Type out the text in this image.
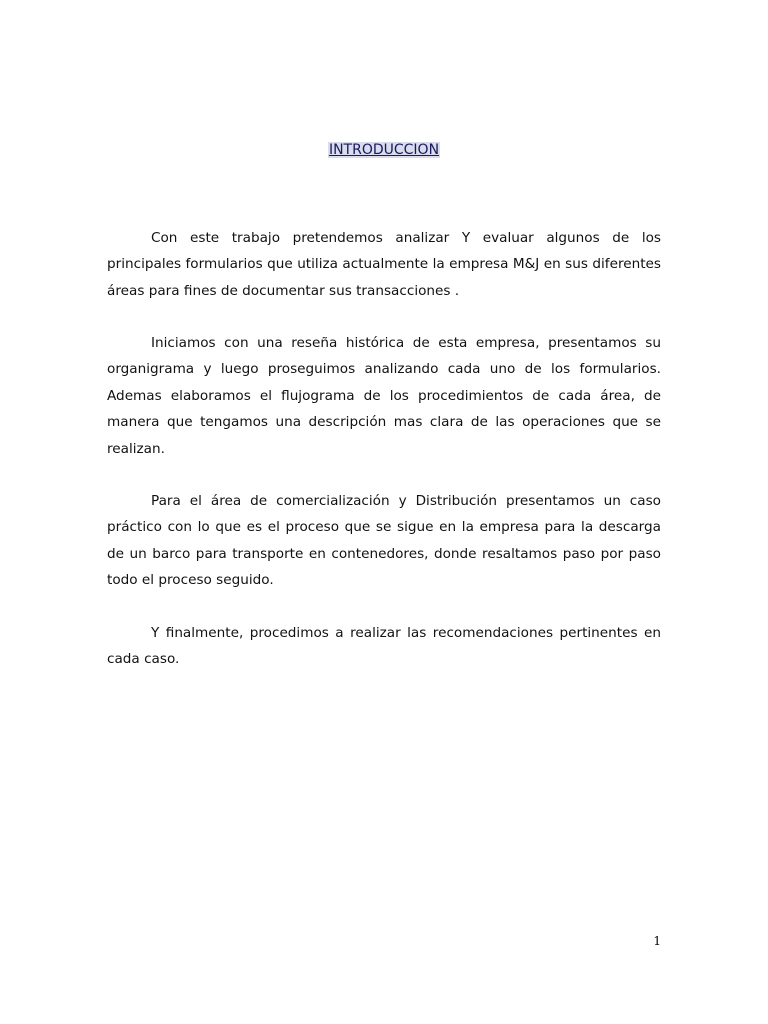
INTRODUCCION

Con este trabajo pretendemos analizar Y evaluar algunos de los principales formularios que utiliza actualmente la empresa M&J en sus diferentes áreas para fines de documentar sus transacciones .

Iniciamos con una reseña histórica de esta empresa, presentamos su organigrama y luego proseguimos analizando cada uno de los formularios. Ademas elaboramos el flujograma de los procedimientos de cada área, de manera que tengamos una descripción mas clara de las operaciones que se realizan.

Para el área de comercialización y Distribución presentamos un caso práctico con lo que es el proceso que se sigue en la empresa para la descarga de un barco para transporte en contenedores, donde resaltamos paso por paso todo el proceso seguido.

Y finalmente, procedimos a realizar las recomendaciones pertinentes en cada caso.

1
